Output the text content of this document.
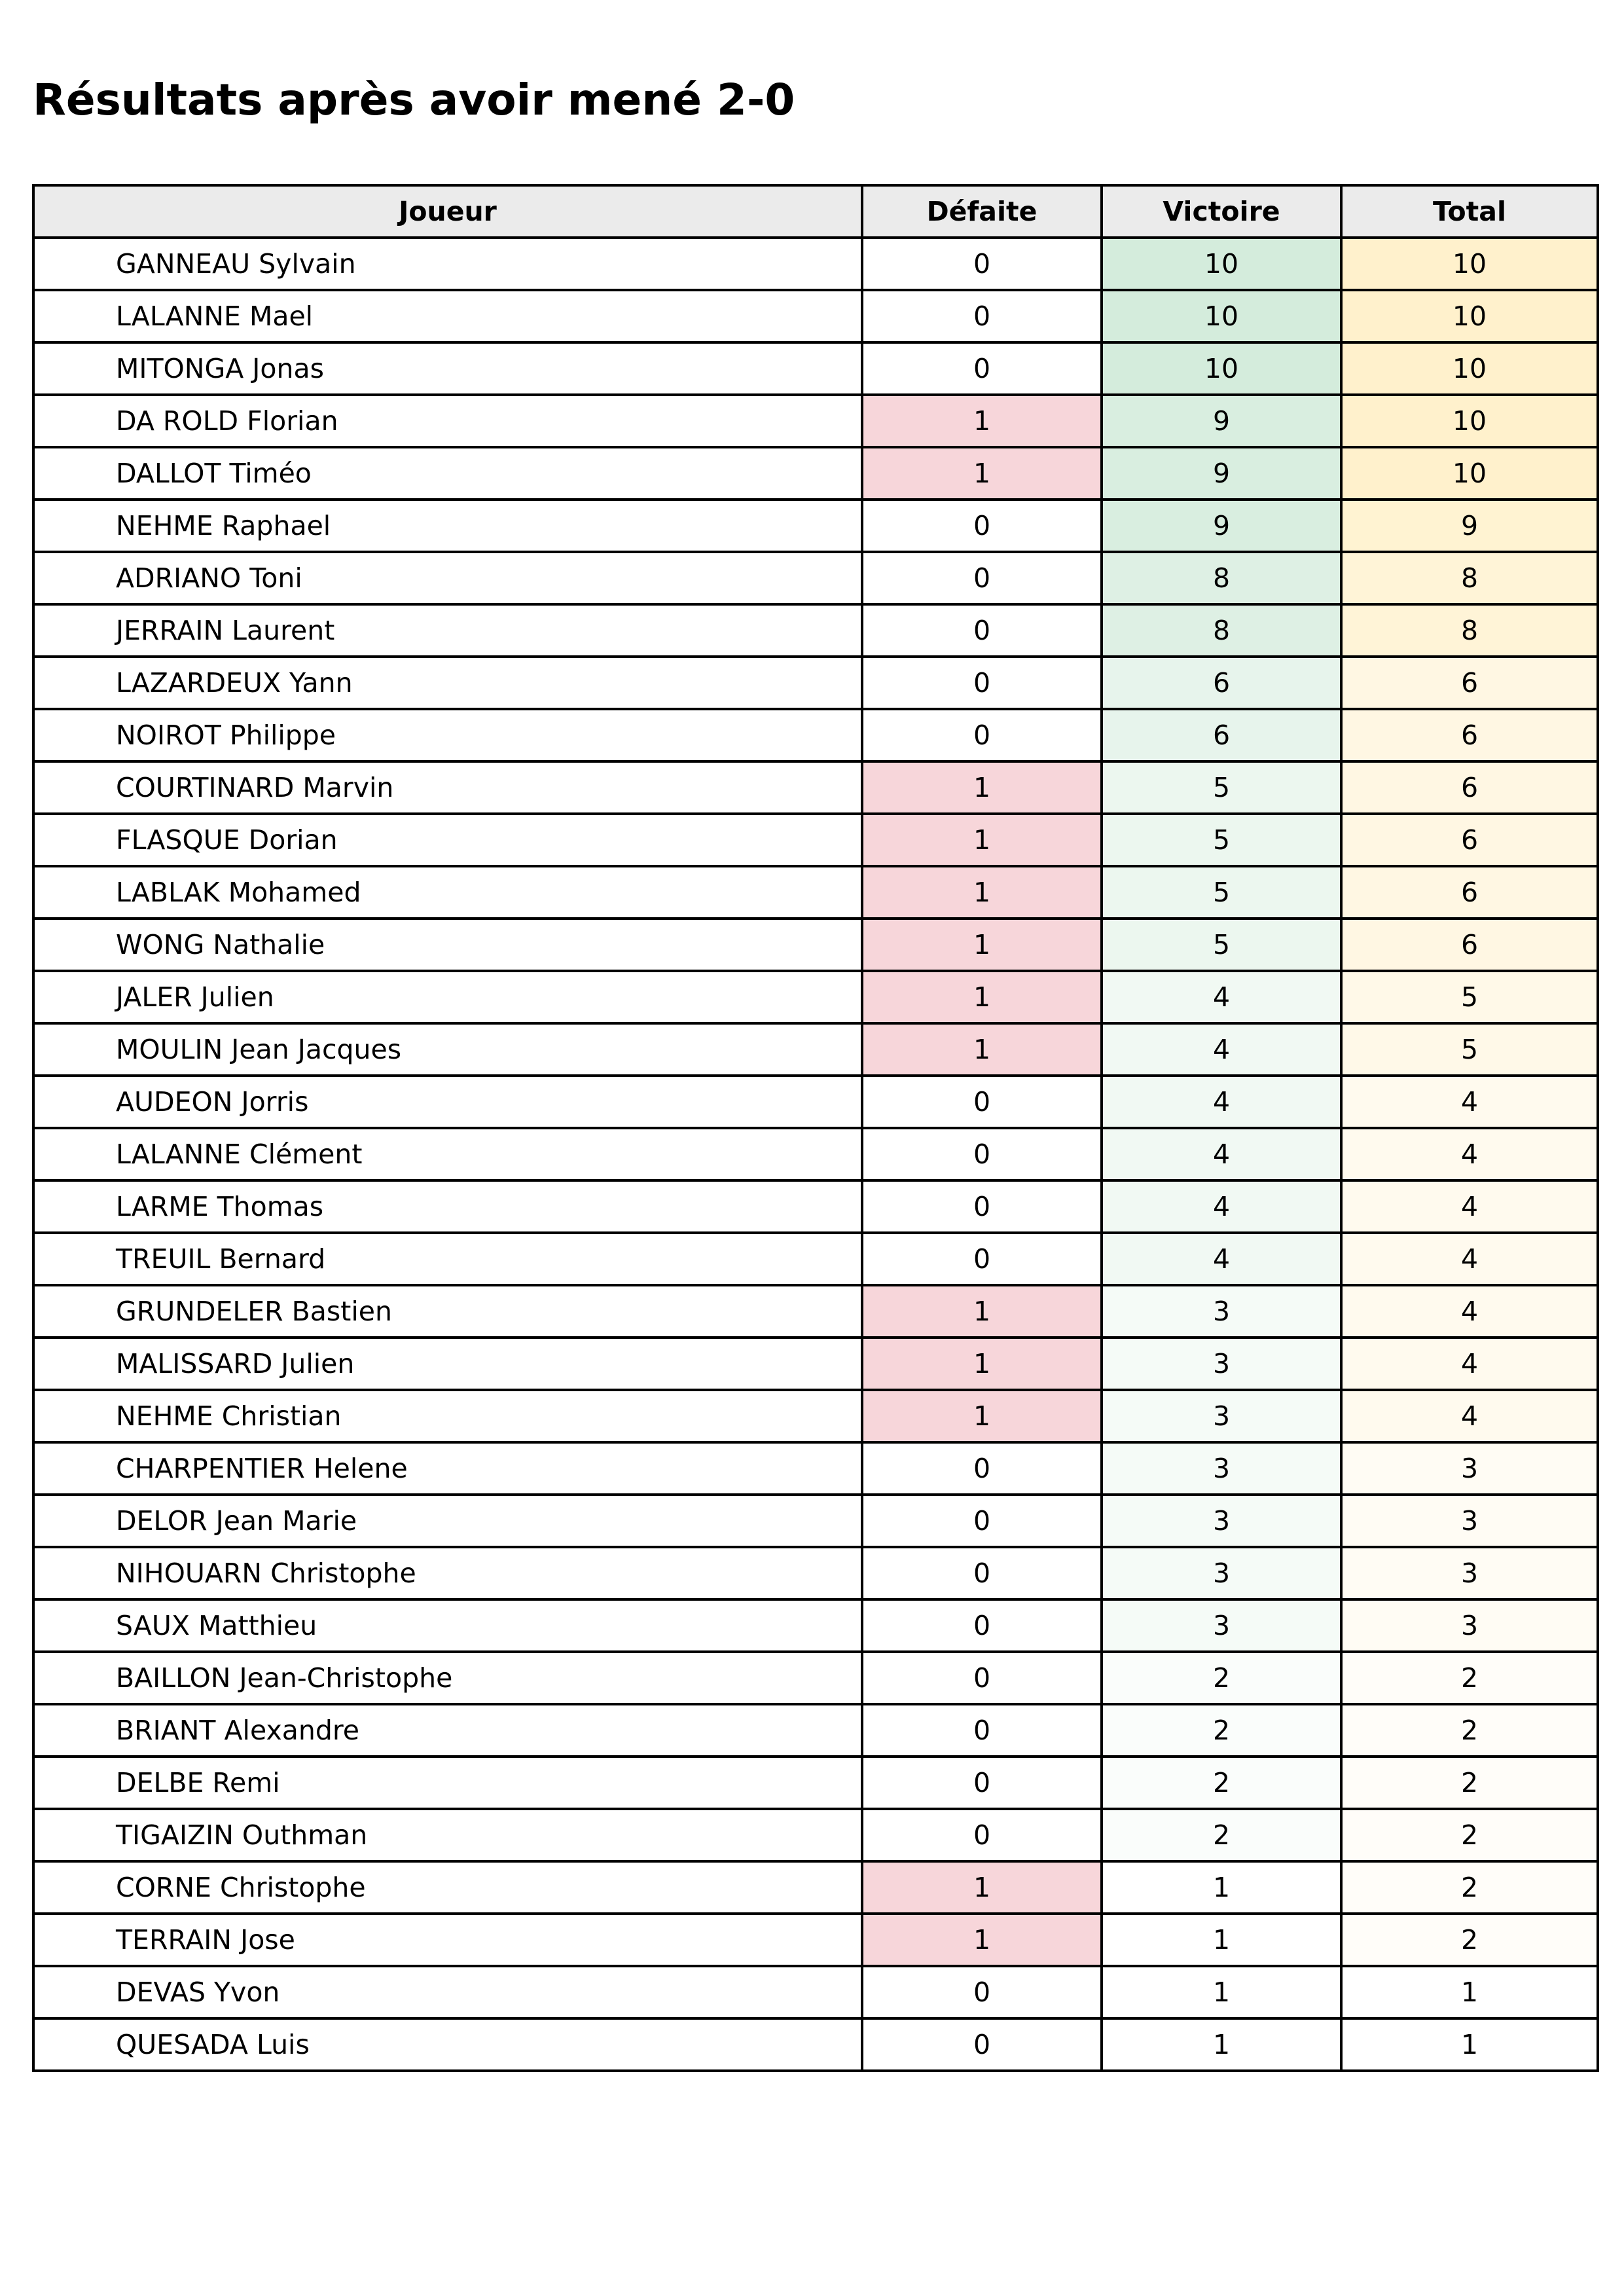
Résultats après avoir mené 2-0
Joueur	Défaite	Victoire	Total
GANNEAU Sylvain	0	10	10
LALANNE Mael	0	10	10
MITONGA Jonas	0	10	10
DA ROLD Florian	1	9	10
DALLOT Timéo	1	9	10
NEHME Raphael	0	9	9
ADRIANO Toni	0	8	8
JERRAIN Laurent	0	8	8
LAZARDEUX Yann	0	6	6
NOIROT Philippe	0	6	6
COURTINARD Marvin	1	5	6
FLASQUE Dorian	1	5	6
LABLAK Mohamed	1	5	6
WONG Nathalie	1	5	6
JALER Julien	1	4	5
MOULIN Jean Jacques	1	4	5
AUDEON Jorris	0	4	4
LALANNE Clément	0	4	4
LARME Thomas	0	4	4
TREUIL Bernard	0	4	4
GRUNDELER Bastien	1	3	4
MALISSARD Julien	1	3	4
NEHME Christian	1	3	4
CHARPENTIER Helene	0	3	3
DELOR Jean Marie	0	3	3
NIHOUARN Christophe	0	3	3
SAUX Matthieu	0	3	3
BAILLON Jean-Christophe	0	2	2
BRIANT Alexandre	0	2	2
DELBE Remi	0	2	2
TIGAIZIN Outhman	0	2	2
CORNE Christophe	1	1	2
TERRAIN Jose	1	1	2
DEVAS Yvon	0	1	1
QUESADA Luis	0	1	1
